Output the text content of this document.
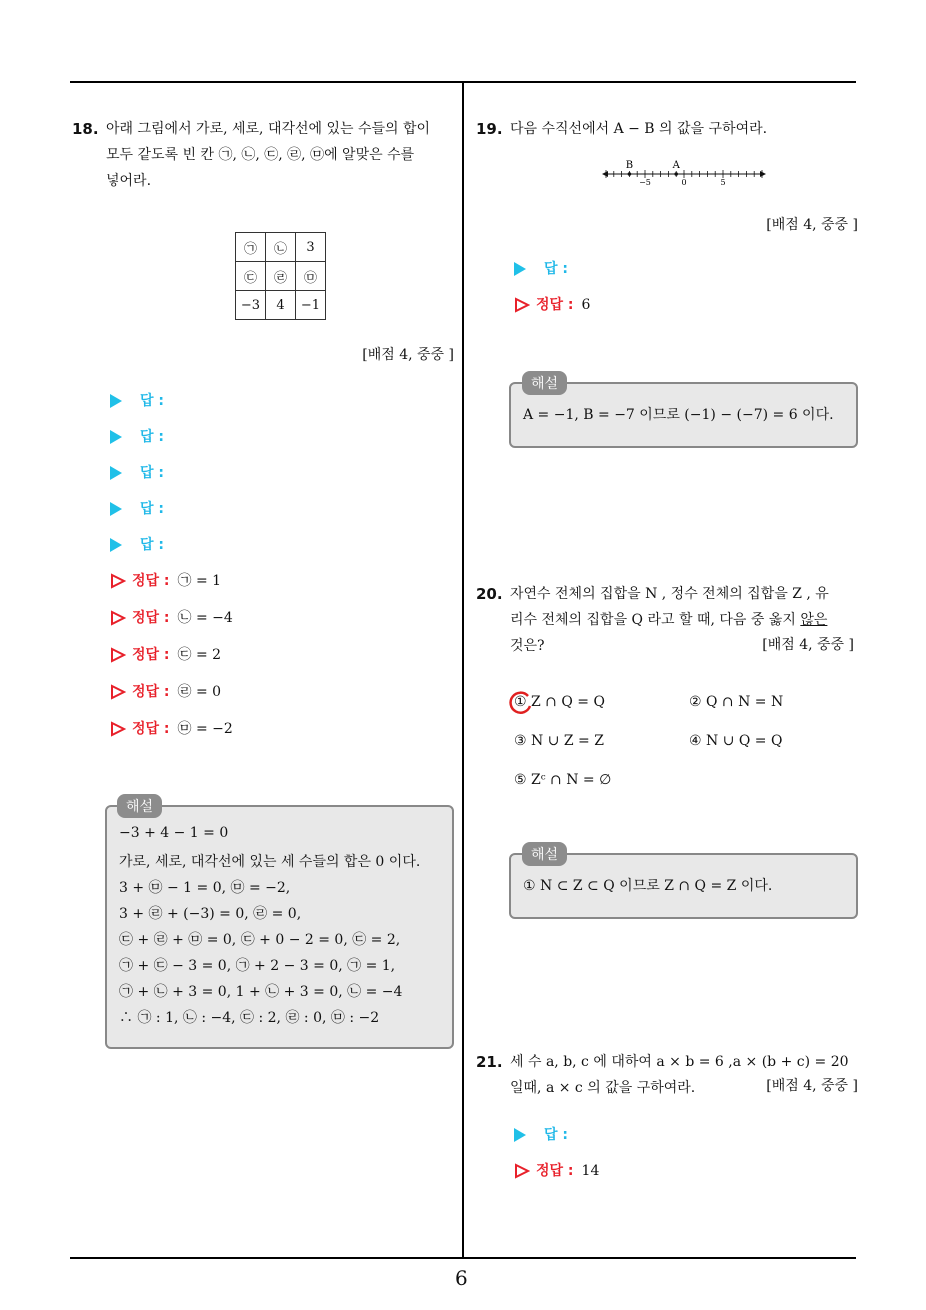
6
18. 아래 그림에서 가로, 세로, 대각선에 있는 수들의 합이
모두 같도록 빈 칸 ㉠, ㉡, ㉢, ㉣, ㉤에 알맞은 수를
넣어라.
㉠	㉡	3
㉢	㉣	㉤
−3	4	−1
[배점 4, 중중 ]
답 :
답 :
답 :
답 :
답 :
정답 : ㉠ = 1
정답 : ㉡ = −4
정답 : ㉢ = 2
정답 : ㉣ = 0
정답 : ㉤ = −2
−3 + 4 − 1 = 0
가로, 세로, 대각선에 있는 세 수들의 합은 0 이다.
3 + ㉤ − 1 = 0, ㉤ = −2,
3 + ㉣ + (−3) = 0, ㉣ = 0,
㉢ + ㉣ + ㉤ = 0, ㉢ + 0 − 2 = 0, ㉢ = 2,
㉠ + ㉢ − 3 = 0, ㉠ + 2 − 3 = 0, ㉠ = 1,
㉠ + ㉡ + 3 = 0, 1 + ㉡ + 3 = 0, ㉡ = −4
∴ ㉠ : 1, ㉡ : −4, ㉢ : 2, ㉣ : 0, ㉤ : −2
해설
19. 다음 수직선에서 A − B 의 값을 구하여라.
B	A
−5	0	5
[배점 4, 중중 ]
답 :
정답 : 6
A = −1, B = −7 이므로 (−1) − (−7) = 6 이다.
해설
20. 자연수 전체의 집합을 N , 정수 전체의 집합을 Z , 유
리수 전체의 집합을 Q 라고 할 때, 다음 중 옳지 않은
것은?	[배점 4, 중중 ]
① Z ∩ Q = Q	② Q ∩ N = N
③ N ∪ Z = Z	④ N ∪ Q = Q
⑤ Zᶜ ∩ N = ∅
① N ⊂ Z ⊂ Q 이므로 Z ∩ Q = Z 이다.
해설
21. 세 수 a, b, c 에 대하여 a × b = 6 ,a × (b + c) = 20
일때, a × c 의 값을 구하여라.	[배점 4, 중중 ]
답 :
정답 : 14
